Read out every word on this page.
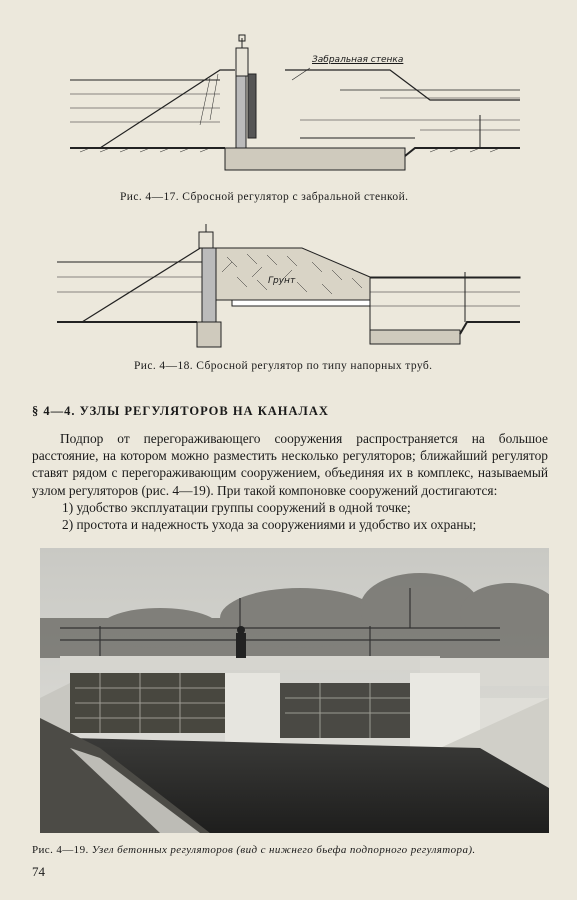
Забральная стенка
Рис. 4—17. Сбросной регулятор с забральной стенкой.
Грунт
Рис. 4—18. Сбросной регулятор по типу напорных труб.
§ 4—4. УЗЛЫ РЕГУЛЯТОРОВ НА КАНАЛАХ

Подпор от перегораживающего сооружения распространяется на большое расстояние, на котором можно разместить несколько регуляторов; ближайший регулятор ставят рядом с перегораживающим сооружением, объединяя их в комплекс, называемый узлом регуляторов (рис. 4—19). При такой компоновке сооружений достигаются:

1) удобство эксплуатации группы сооружений в одной точке;

2) простота и надежность ухода за сооружениями и удобство их охраны;

Рис. 4—19. Узел бетонных регуляторов (вид с нижнего бьефа подпорного регулятора).
74
